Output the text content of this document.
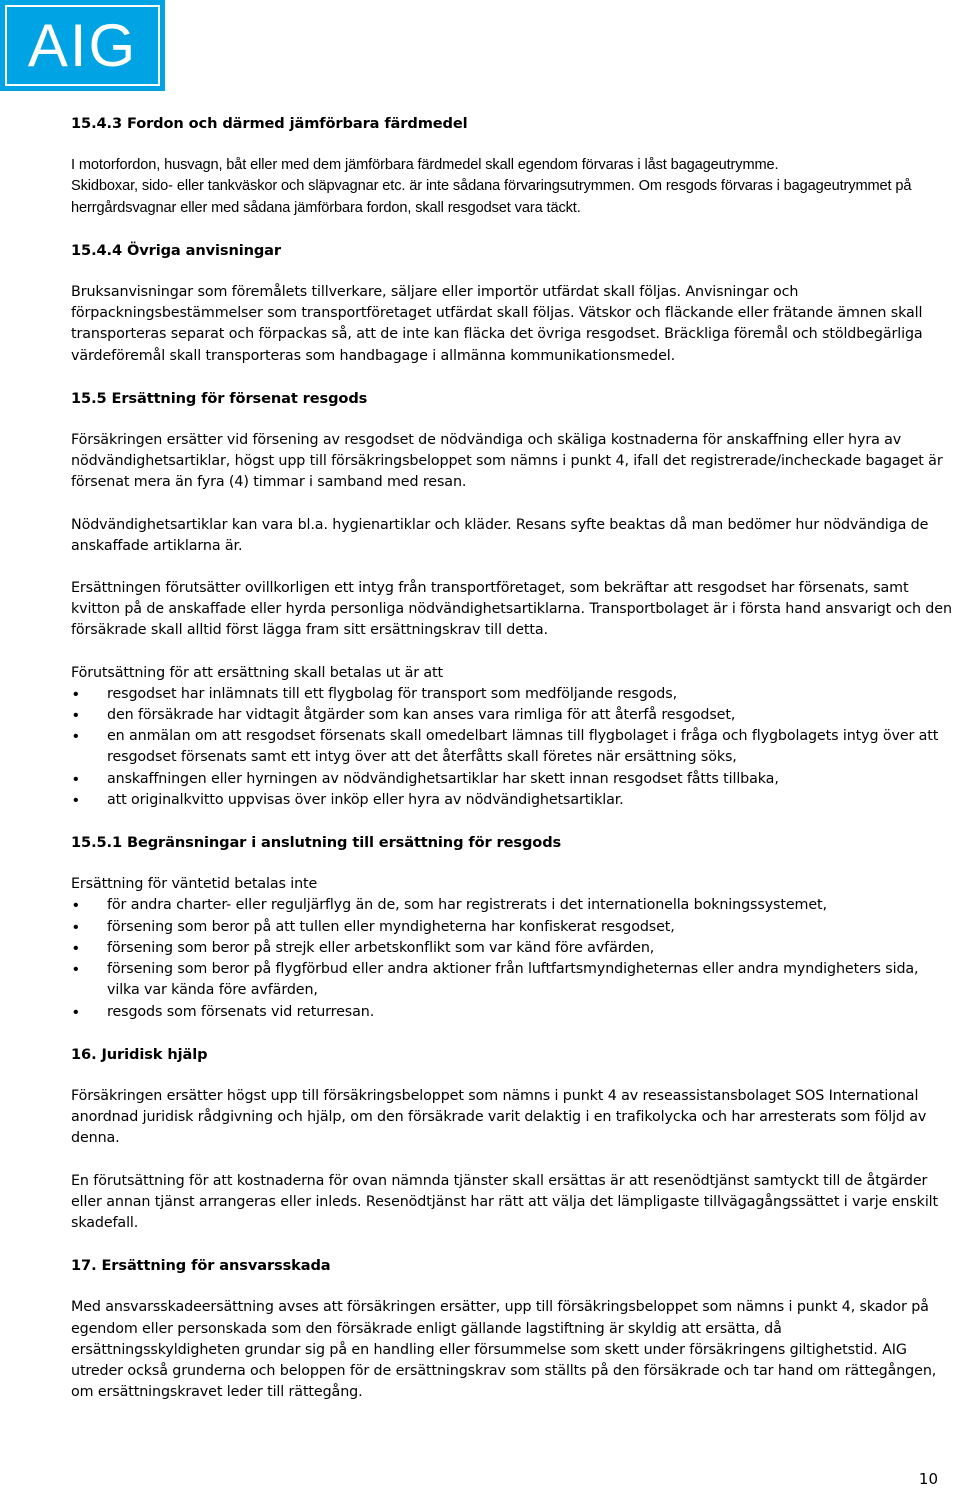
AIG
15.4.3 Fordon och därmed jämförbara färdmedel

I motorfordon, husvagn, båt eller med dem jämförbara färdmedel skall egendom förvaras i låst bagageutrymme.
Skidboxar, sido- eller tankväskor och släpvagnar etc. är inte sådana förvaringsutrymmen. Om resgods förvaras i bagageutrymmet på herrgårdsvagnar eller med sådana jämförbara fordon, skall resgodset vara täckt.

15.4.4 Övriga anvisningar

Bruksanvisningar som föremålets tillverkare, säljare eller importör utfärdat skall följas. Anvisningar och förpackningsbestämmelser som transportföretaget utfärdat skall följas. Vätskor och fläckande eller frätande ämnen skall transporteras separat och förpackas så, att de inte kan fläcka det övriga resgodset. Bräckliga föremål och stöldbegärliga värdeföremål skall transporteras som handbagage i allmänna kommunikationsmedel.

15.5 Ersättning för försenat resgods

Försäkringen ersätter vid försening av resgodset de nödvändiga och skäliga kostnaderna för anskaffning eller hyra av nödvändighetsartiklar, högst upp till försäkringsbeloppet som nämns i punkt 4, ifall det registrerade/incheckade bagaget är försenat mera än fyra (4) timmar i samband med resan.

Nödvändighetsartiklar kan vara bl.a. hygienartiklar och kläder. Resans syfte beaktas då man bedömer hur nödvändiga de anskaffade artiklarna är.

Ersättningen förutsätter ovillkorligen ett intyg från transportföretaget, som bekräftar att resgodset har försenats, samt kvitton på de anskaffade eller hyrda personliga nödvändighetsartiklarna. Transportbolaget är i första hand ansvarigt och den försäkrade skall alltid först lägga fram sitt ersättningskrav till detta.

Förutsättning för att ersättning skall betalas ut är att

• resgodset har inlämnats till ett flygbolag för transport som medföljande resgods,
• den försäkrade har vidtagit åtgärder som kan anses vara rimliga för att återfå resgodset,
• en anmälan om att resgodset försenats skall omedelbart lämnas till flygbolaget i fråga och flygbolagets intyg över att resgodset försenats samt ett intyg över att det återfåtts skall företes när ersättning söks,
• anskaffningen eller hyrningen av nödvändighetsartiklar har skett innan resgodset fåtts tillbaka,
• att originalkvitto uppvisas över inköp eller hyra av nödvändighetsartiklar.
15.5.1 Begränsningar i anslutning till ersättning för resgods

Ersättning för väntetid betalas inte

• för andra charter- eller reguljärflyg än de, som har registrerats i det internationella bokningssystemet,
• försening som beror på att tullen eller myndigheterna har konfiskerat resgodset,
• försening som beror på strejk eller arbetskonflikt som var känd före avfärden,
• försening som beror på flygförbud eller andra aktioner från luftfartsmyndigheternas eller andra myndigheters sida, vilka var kända före avfärden,
• resgods som försenats vid returresan.
16. Juridisk hjälp

Försäkringen ersätter högst upp till försäkringsbeloppet som nämns i punkt 4 av reseassistansbolaget SOS International anordnad juridisk rådgivning och hjälp, om den försäkrade varit delaktig i en trafikolycka och har arresterats som följd av denna.

En förutsättning för att kostnaderna för ovan nämnda tjänster skall ersättas är att resenödtjänst samtyckt till de åtgärder eller annan tjänst arrangeras eller inleds. Resenödtjänst har rätt att välja det lämpligaste tillvägagångssättet i varje enskilt skadefall.

17. Ersättning för ansvarsskada

Med ansvarsskadeersättning avses att försäkringen ersätter, upp till försäkringsbeloppet som nämns i punkt 4, skador på egendom eller personskada som den försäkrade enligt gällande lagstiftning är skyldig att ersätta, då ersättningsskyldigheten grundar sig på en handling eller försummelse som skett under försäkringens giltighetstid. AIG utreder också grunderna och beloppen för de ersättningskrav som ställts på den försäkrade och tar hand om rättegången, om ersättningskravet leder till rättegång.

10
